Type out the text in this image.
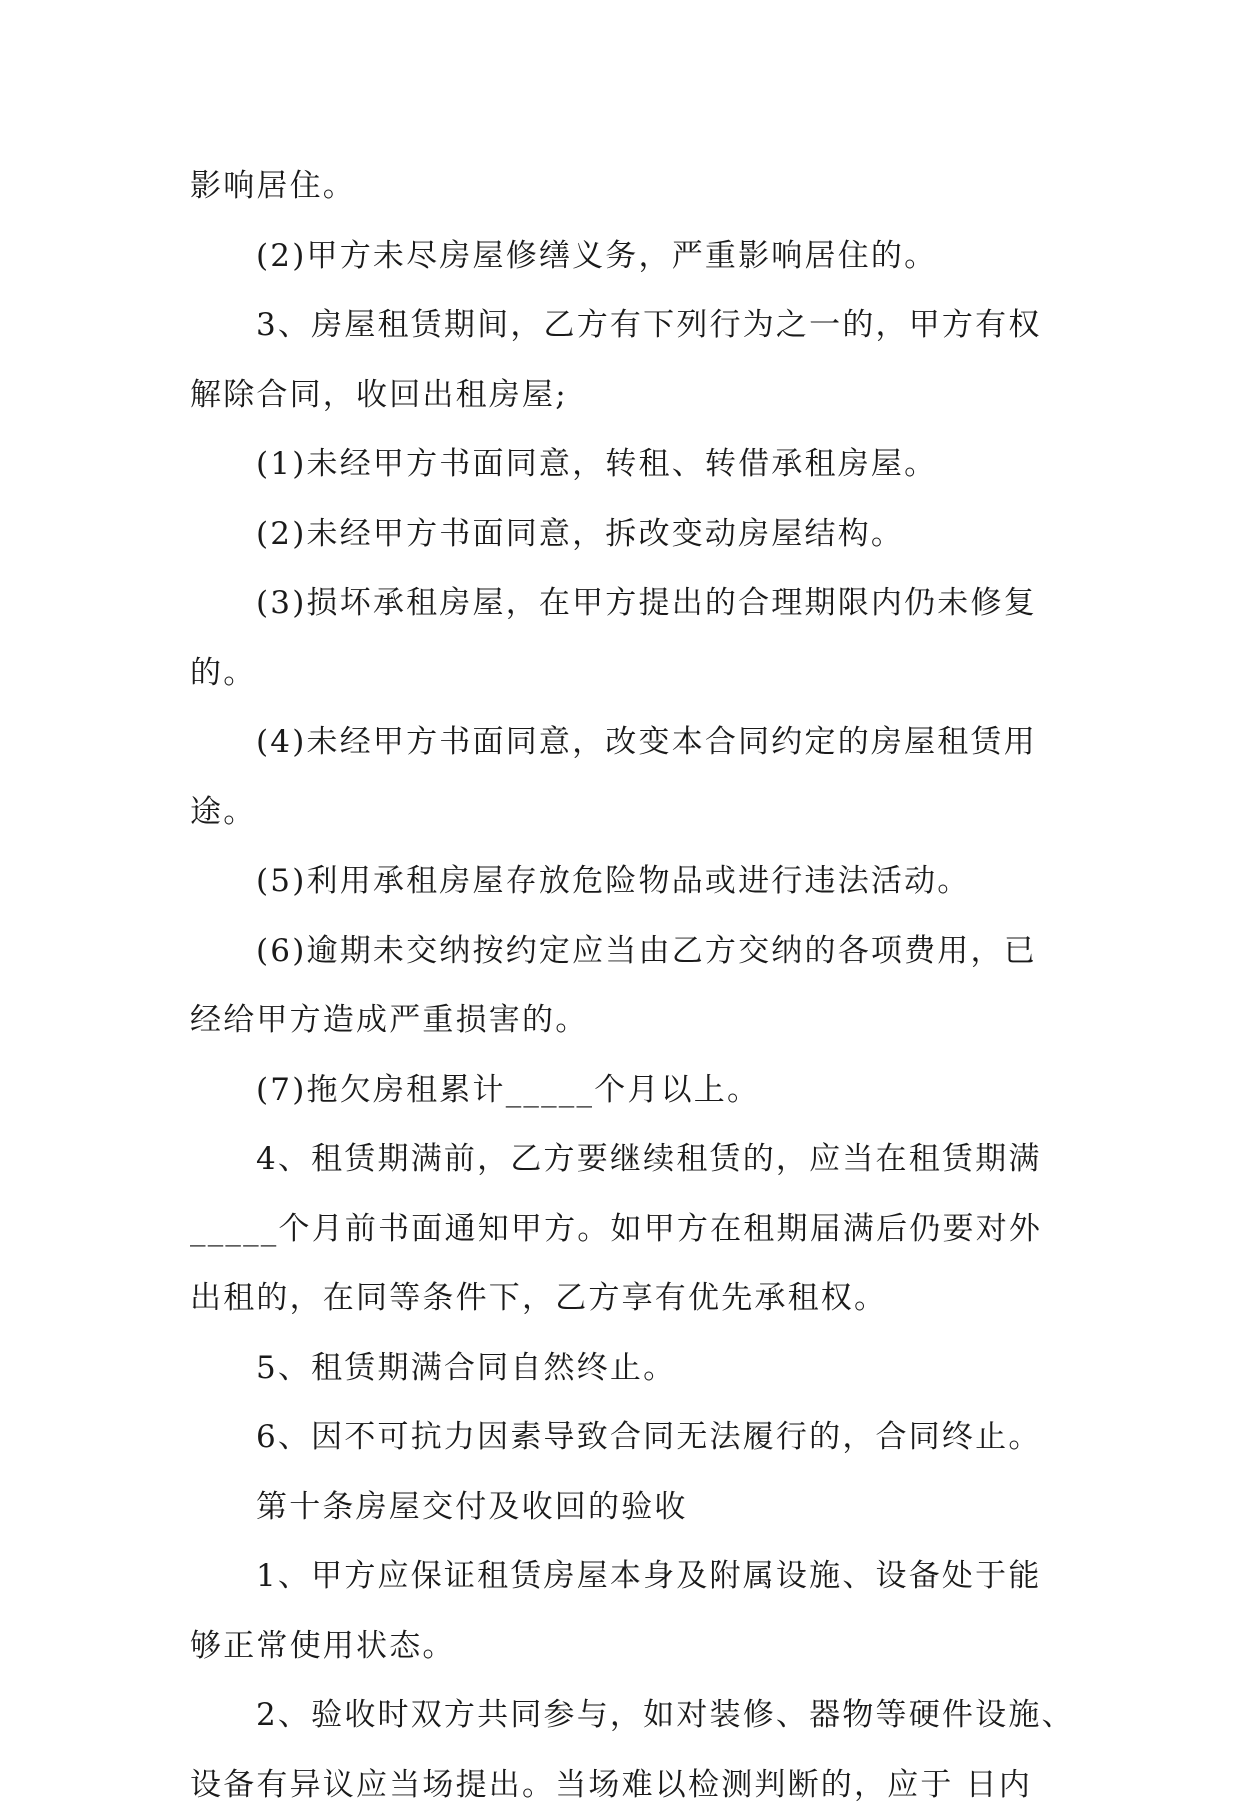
影响居住。

(2)甲方未尽房屋修缮义务，严重影响居住的。

3、房屋租赁期间，乙方有下列行为之一的，甲方有权

解除合同，收回出租房屋;

(1)未经甲方书面同意，转租、转借承租房屋。

(2)未经甲方书面同意，拆改变动房屋结构。

(3)损坏承租房屋，在甲方提出的合理期限内仍未修复

的。

(4)未经甲方书面同意，改变本合同约定的房屋租赁用

途。

(5)利用承租房屋存放危险物品或进行违法活动。

(6)逾期未交纳按约定应当由乙方交纳的各项费用，已

经给甲方造成严重损害的。

(7)拖欠房租累计_____个月以上。

4、租赁期满前，乙方要继续租赁的，应当在租赁期满

_____个月前书面通知甲方。如甲方在租期届满后仍要对外

出租的，在同等条件下，乙方享有优先承租权。

5、租赁期满合同自然终止。

6、因不可抗力因素导致合同无法履行的，合同终止。

第十条房屋交付及收回的验收

1、甲方应保证租赁房屋本身及附属设施、设备处于能

够正常使用状态。

2、验收时双方共同参与，如对装修、器物等硬件设施、

设备有异议应当场提出。当场难以检测判断的，应于 日内
